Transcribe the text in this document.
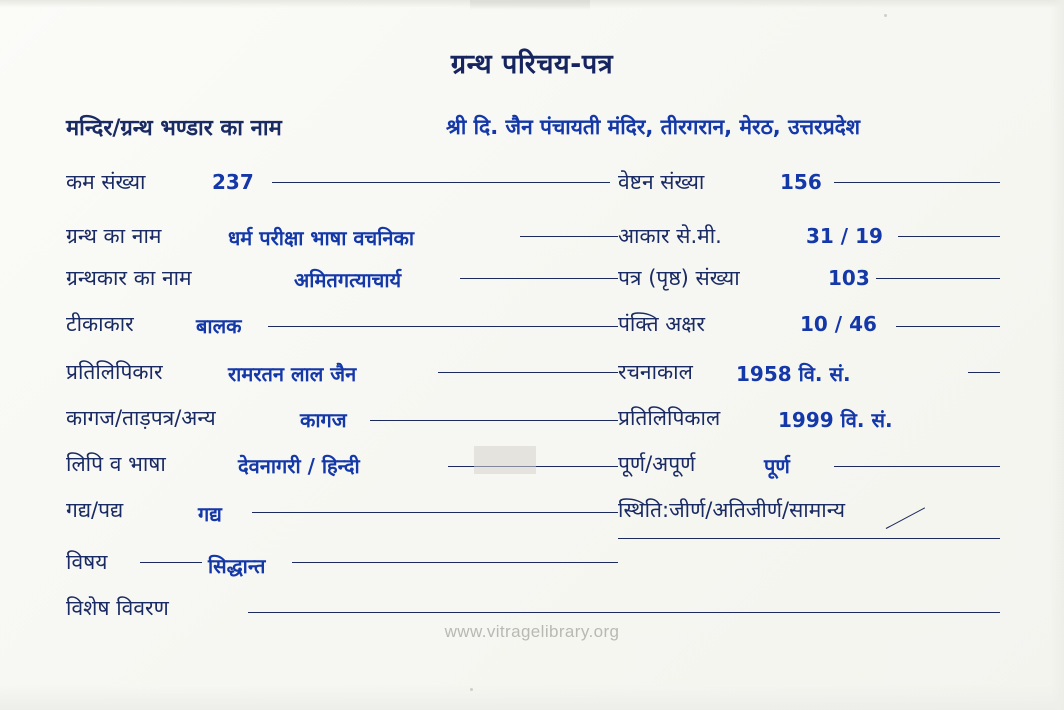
ग्रन्थ परिचय-पत्र
मन्दिर/ग्रन्थ भण्डार का नाम	श्री दि. जैन पंचायती मंदिर, तीरगरान, मेरठ, उत्तरप्रदेश
कम संख्या	237	वेष्टन संख्या	156
ग्रन्थ का नाम	धर्म परीक्षा भाषा वचनिका	आकार से.मी.	31 / 19
ग्रन्थकार का नाम	अमितगत्याचार्य	पत्र (पृष्ठ) संख्या	103
टीकाकार	बालक	पंक्ति अक्षर	10 / 46
प्रतिलिपिकार	रामरतन लाल जैन	रचनाकाल 1958 वि. सं.
कागज/ताड़पत्र/अन्य	कागज	प्रतिलिपिकाल	1999 वि. सं.
लिपि व भाषा	देवनागरी / हिन्दी	पूर्ण/अपूर्ण	पूर्ण
गद्य/पद्य	गद्य	स्थिति:जीर्ण/अतिजीर्ण/सामान्य
विषय	सिद्धान्त
विशेष विवरण
www.vitragelibrary.org
